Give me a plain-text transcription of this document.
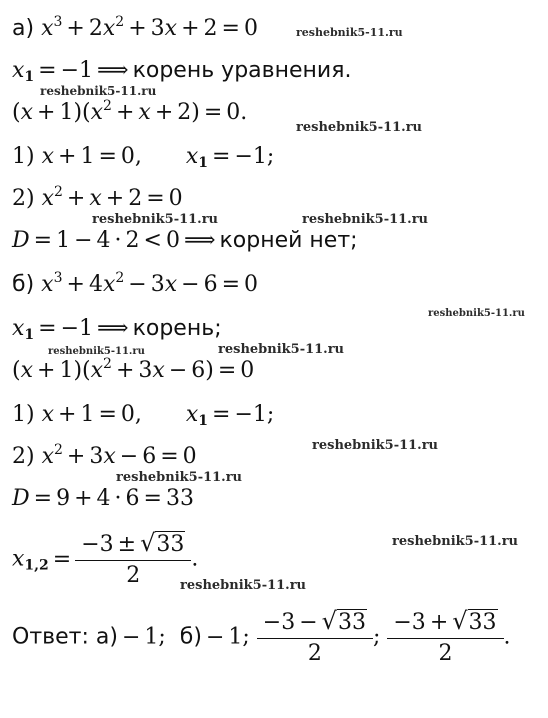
а) $x^3 + 2x^2 + 3x + 2 = 0$
$x_1 = -1$ ⟹ корень уравнения.
$(x + 1)(x^2 + x + 2) = 0$.
1) x + 1 = 0, $x_1 = -1$;
2) $x^2 + x + 2 = 0$
D = 1 − 4 · 2 < 0 ⟹ корней нет;
б) $x^3 + 4x^2 - 3x - 6 = 0$
$x_1 = -1$ ⟹ корень;
$(x + 1)(x^2 + 3x - 6) = 0$
1) x + 1 = 0, $x_1 = -1$;
2) $x^2 + 3x - 6 = 0$
D = 9 + 4 · 6 = 33
$x_{1,2} = \frac{-3 \pm √33}{2}$ .
Ответ: а) − 1;  б) − 1; $\frac{-3 - √33}{2}$ ; $\frac{-3 + √33}{2}$ .
reshebnik5-11.ru
reshebnik5-11.ru
reshebnik5-11.ru
reshebnik5-11.ru	reshebnik5-11.ru
reshebnik5-11.ru
reshebnik5-11.ru	reshebnik5-11.ru
reshebnik5-11.ru
reshebnik5-11.ru
reshebnik5-11.ru
reshebnik5-11.ru
